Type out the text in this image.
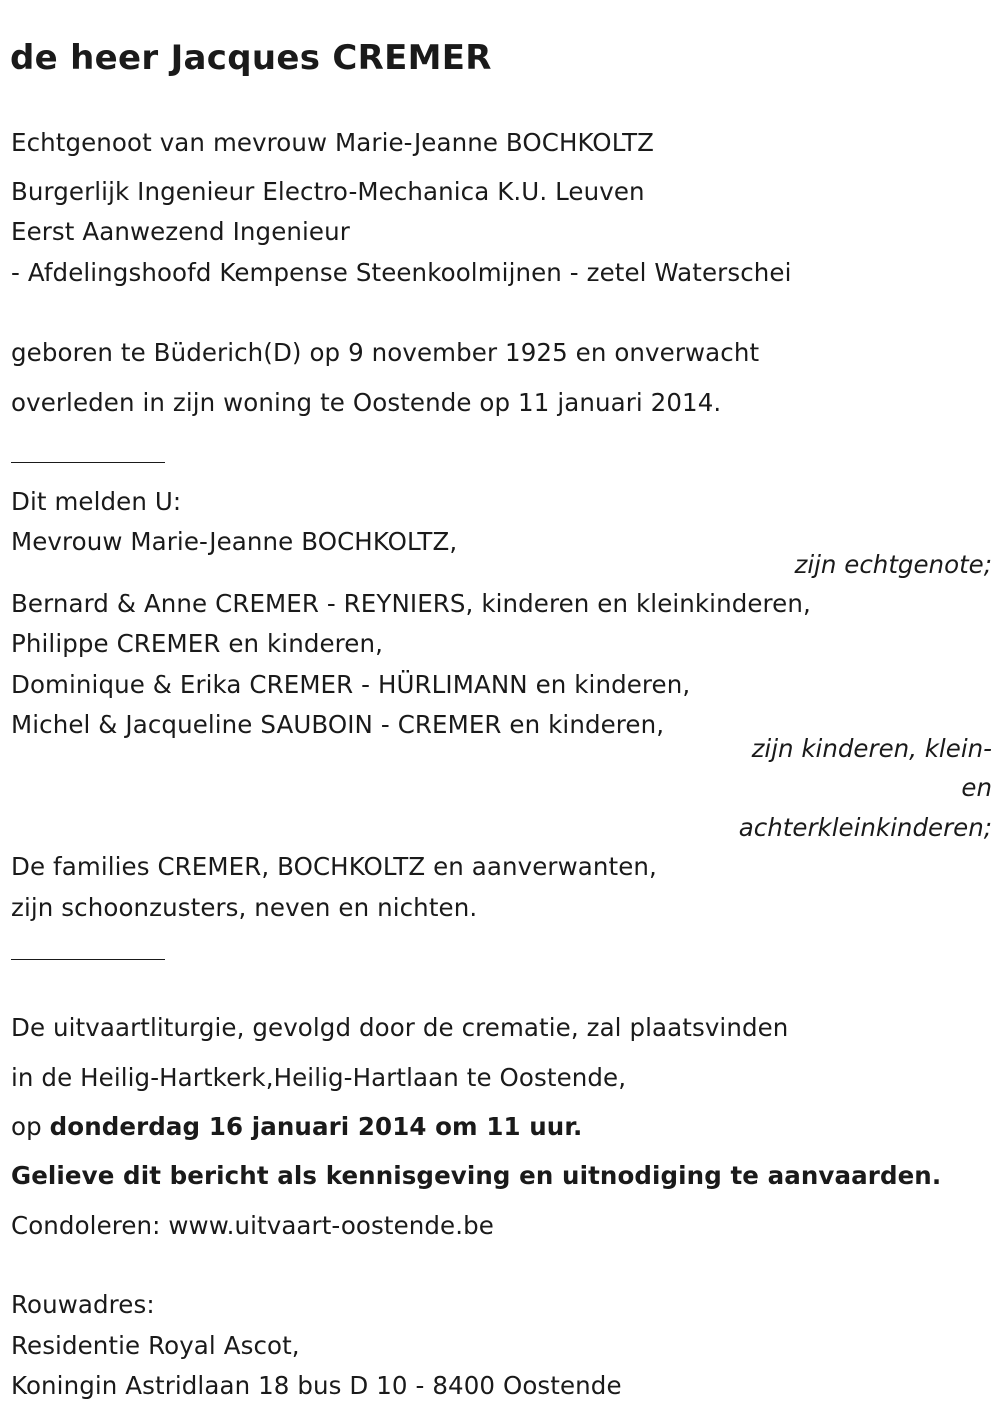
de heer Jacques CREMER
Echtgenoot van mevrouw Marie-Jeanne BOCHKOLTZ
Burgerlijk Ingenieur Electro-Mechanica K.U. Leuven
Eerst Aanwezend Ingenieur
- Afdelingshoofd Kempense Steenkoolmijnen - zetel Waterschei
geboren te Büderich(D) op 9 november 1925 en onverwacht
overleden in zijn woning te Oostende op 11 januari 2014.
Dit melden U:
Mevrouw Marie-Jeanne BOCHKOLTZ,
zijn echtgenote;
Bernard & Anne CREMER - REYNIERS, kinderen en kleinkinderen,
Philippe CREMER en kinderen,
Dominique & Erika CREMER - HÜRLIMANN en kinderen,
Michel & Jacqueline SAUBOIN - CREMER en kinderen,
zijn kinderen, klein-
en
achterkleinkinderen;
De families CREMER, BOCHKOLTZ en aanverwanten,
zijn schoonzusters, neven en nichten.
De uitvaartliturgie, gevolgd door de crematie, zal plaatsvinden
in de Heilig-Hartkerk,Heilig-Hartlaan te Oostende,
op donderdag 16 januari 2014 om 11 uur.
Gelieve dit bericht als kennisgeving en uitnodiging te aanvaarden.
Condoleren: www.uitvaart-oostende.be
Rouwadres:
Residentie Royal Ascot,
Koningin Astridlaan 18 bus D 10 - 8400 Oostende
